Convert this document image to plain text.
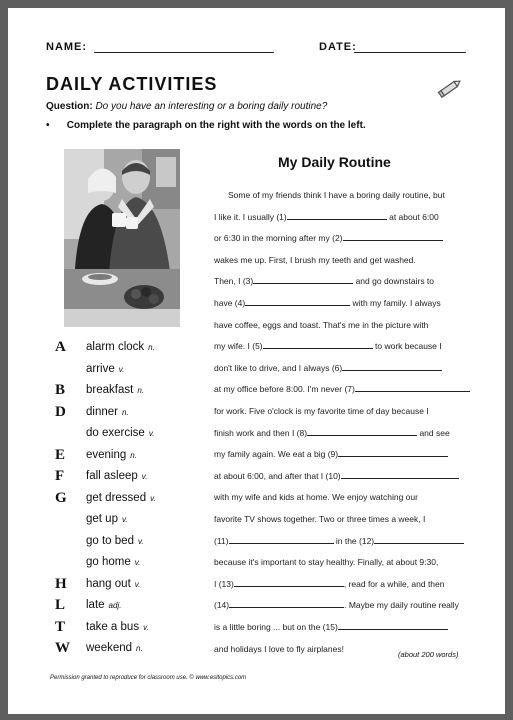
NAME:	DATE:
DAILY ACTIVITIES
Question: Do you have an interesting or a boring daily routine?
• Complete the paragraph on the right with the words on the left.
A alarm clock n.
arrive v.
B breakfast n.
D dinner n.
do exercise v.
E evening n.
F fall asleep v.
G get dressed v.
get up v.
go to bed v.
go home v.
H hang out v.
L late adj.
T take a bus v.
W weekend n.
My Daily Routine
Some of my friends think I have a boring daily routine, but
I like it. I usually (1)	at about 6:00
or 6:30 in the morning after my (2)
wakes me up. First, I brush my teeth and get washed.
Then, I (3)	and go downstairs to
have (4)	with my family. I always
have coffee, eggs and toast. That's me in the picture with
my wife. I (5)	to work because I
don't like to drive, and I always (6)
at my office before 8:00. I'm never (7)
for work. Five o'clock is my favorite time of day because I
finish work and then I (8)	and see
my family again. We eat a big (9)
at about 6:00, and after that I (10)
with my wife and kids at home. We enjoy watching our
favorite TV shows together. Two or three times a week, I
(11)	in the (12)
because it's important to stay healthy. Finally, at about 9:30,
I (13)	, read for a while, and then
(14)	. Maybe my daily routine really
is a little boring ... but on the (15)
and holidays I love to fly airplanes!
(about 200 words)
Permission granted to reproduce for classroom use. © www.esltopics.com
